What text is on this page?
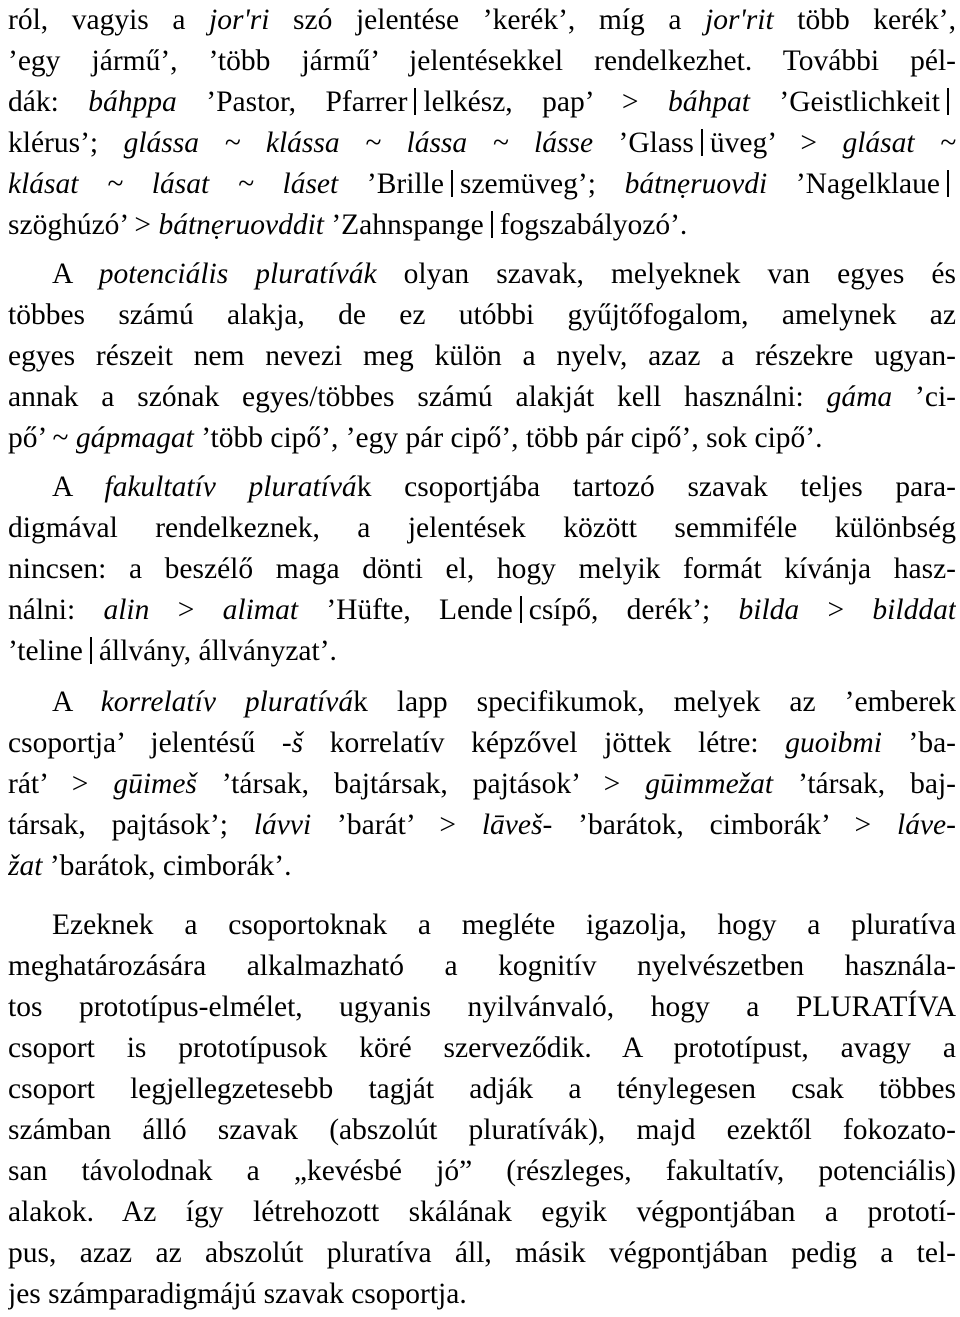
ról, vagyis a jor'ri szó jelentése ’kerék’, míg a jor'rit több kerék’,
’egy jármű’, ’több jármű’ jelentésekkel rendelkezhet. További pél-
dák: báhppa ’Pastor, Pfarrer lelkész, pap’ > báhpat ’Geistlichkeit
klérus’; glássa ~ klássa ~ lássa ~ lásse ’Glass üveg’ > glásat ~
klásat ~ lásat ~ láset ’Brille szemüveg’; bátnẹruovdi ’Nagelklaue
szöghúzó’ > bátnẹruovddit ’Zahnspange fogszabályozó’.
A potenciális pluratívák olyan szavak, melyeknek van egyes és
többes számú alakja, de ez utóbbi gyűjtőfogalom, amelynek az
egyes részeit nem nevezi meg külön a nyelv, azaz a részekre ugyan-
annak a szónak egyes/többes számú alakját kell használni: gáma ’ci-
pő’ ~ gápmagat ’több cipő’, ’egy pár cipő’, több pár cipő’, sok cipő’.
A fakultatív pluratívák csoportjába tartozó szavak teljes para-
digmával rendelkeznek, a jelentések között semmiféle különbség
nincsen: a beszélő maga dönti el, hogy melyik formát kívánja hasz-
nálni: alin > alimat ’Hüfte, Lende csípő, derék’; bilda > bilddat
’teline állvány, állványzat’.
A korrelatív pluratívák lapp specifikumok, melyek az ’emberek
csoportja’ jelentésű -š korrelatív képzővel jöttek létre: guoibmi ’ba-
rát’ > gūimeš ’társak, bajtársak, pajtások’ > gūimmežat ’társak, baj-
társak, pajtások’; lávvi ’barát’ > lāveš- ’barátok, cimborák’ > láve-
žat ’barátok, cimborák’.
Ezeknek a csoportoknak a megléte igazolja, hogy a pluratíva
meghatározására alkalmazható a kognitív nyelvészetben használa-
tos prototípus-elmélet, ugyanis nyilvánvaló, hogy a PLURATÍVA
csoport is prototípusok köré szerveződik. A prototípust, avagy a
csoport legjellegzetesebb tagját adják a ténylegesen csak többes
számban álló szavak (abszolút pluratívák), majd ezektől fokozato-
san távolodnak a „kevésbé jó” (részleges, fakultatív, potenciális)
alakok. Az így létrehozott skálának egyik végpontjában a prototí-
pus, azaz az abszolút pluratíva áll, másik végpontjában pedig a tel-
jes számparadigmájú szavak csoportja.
